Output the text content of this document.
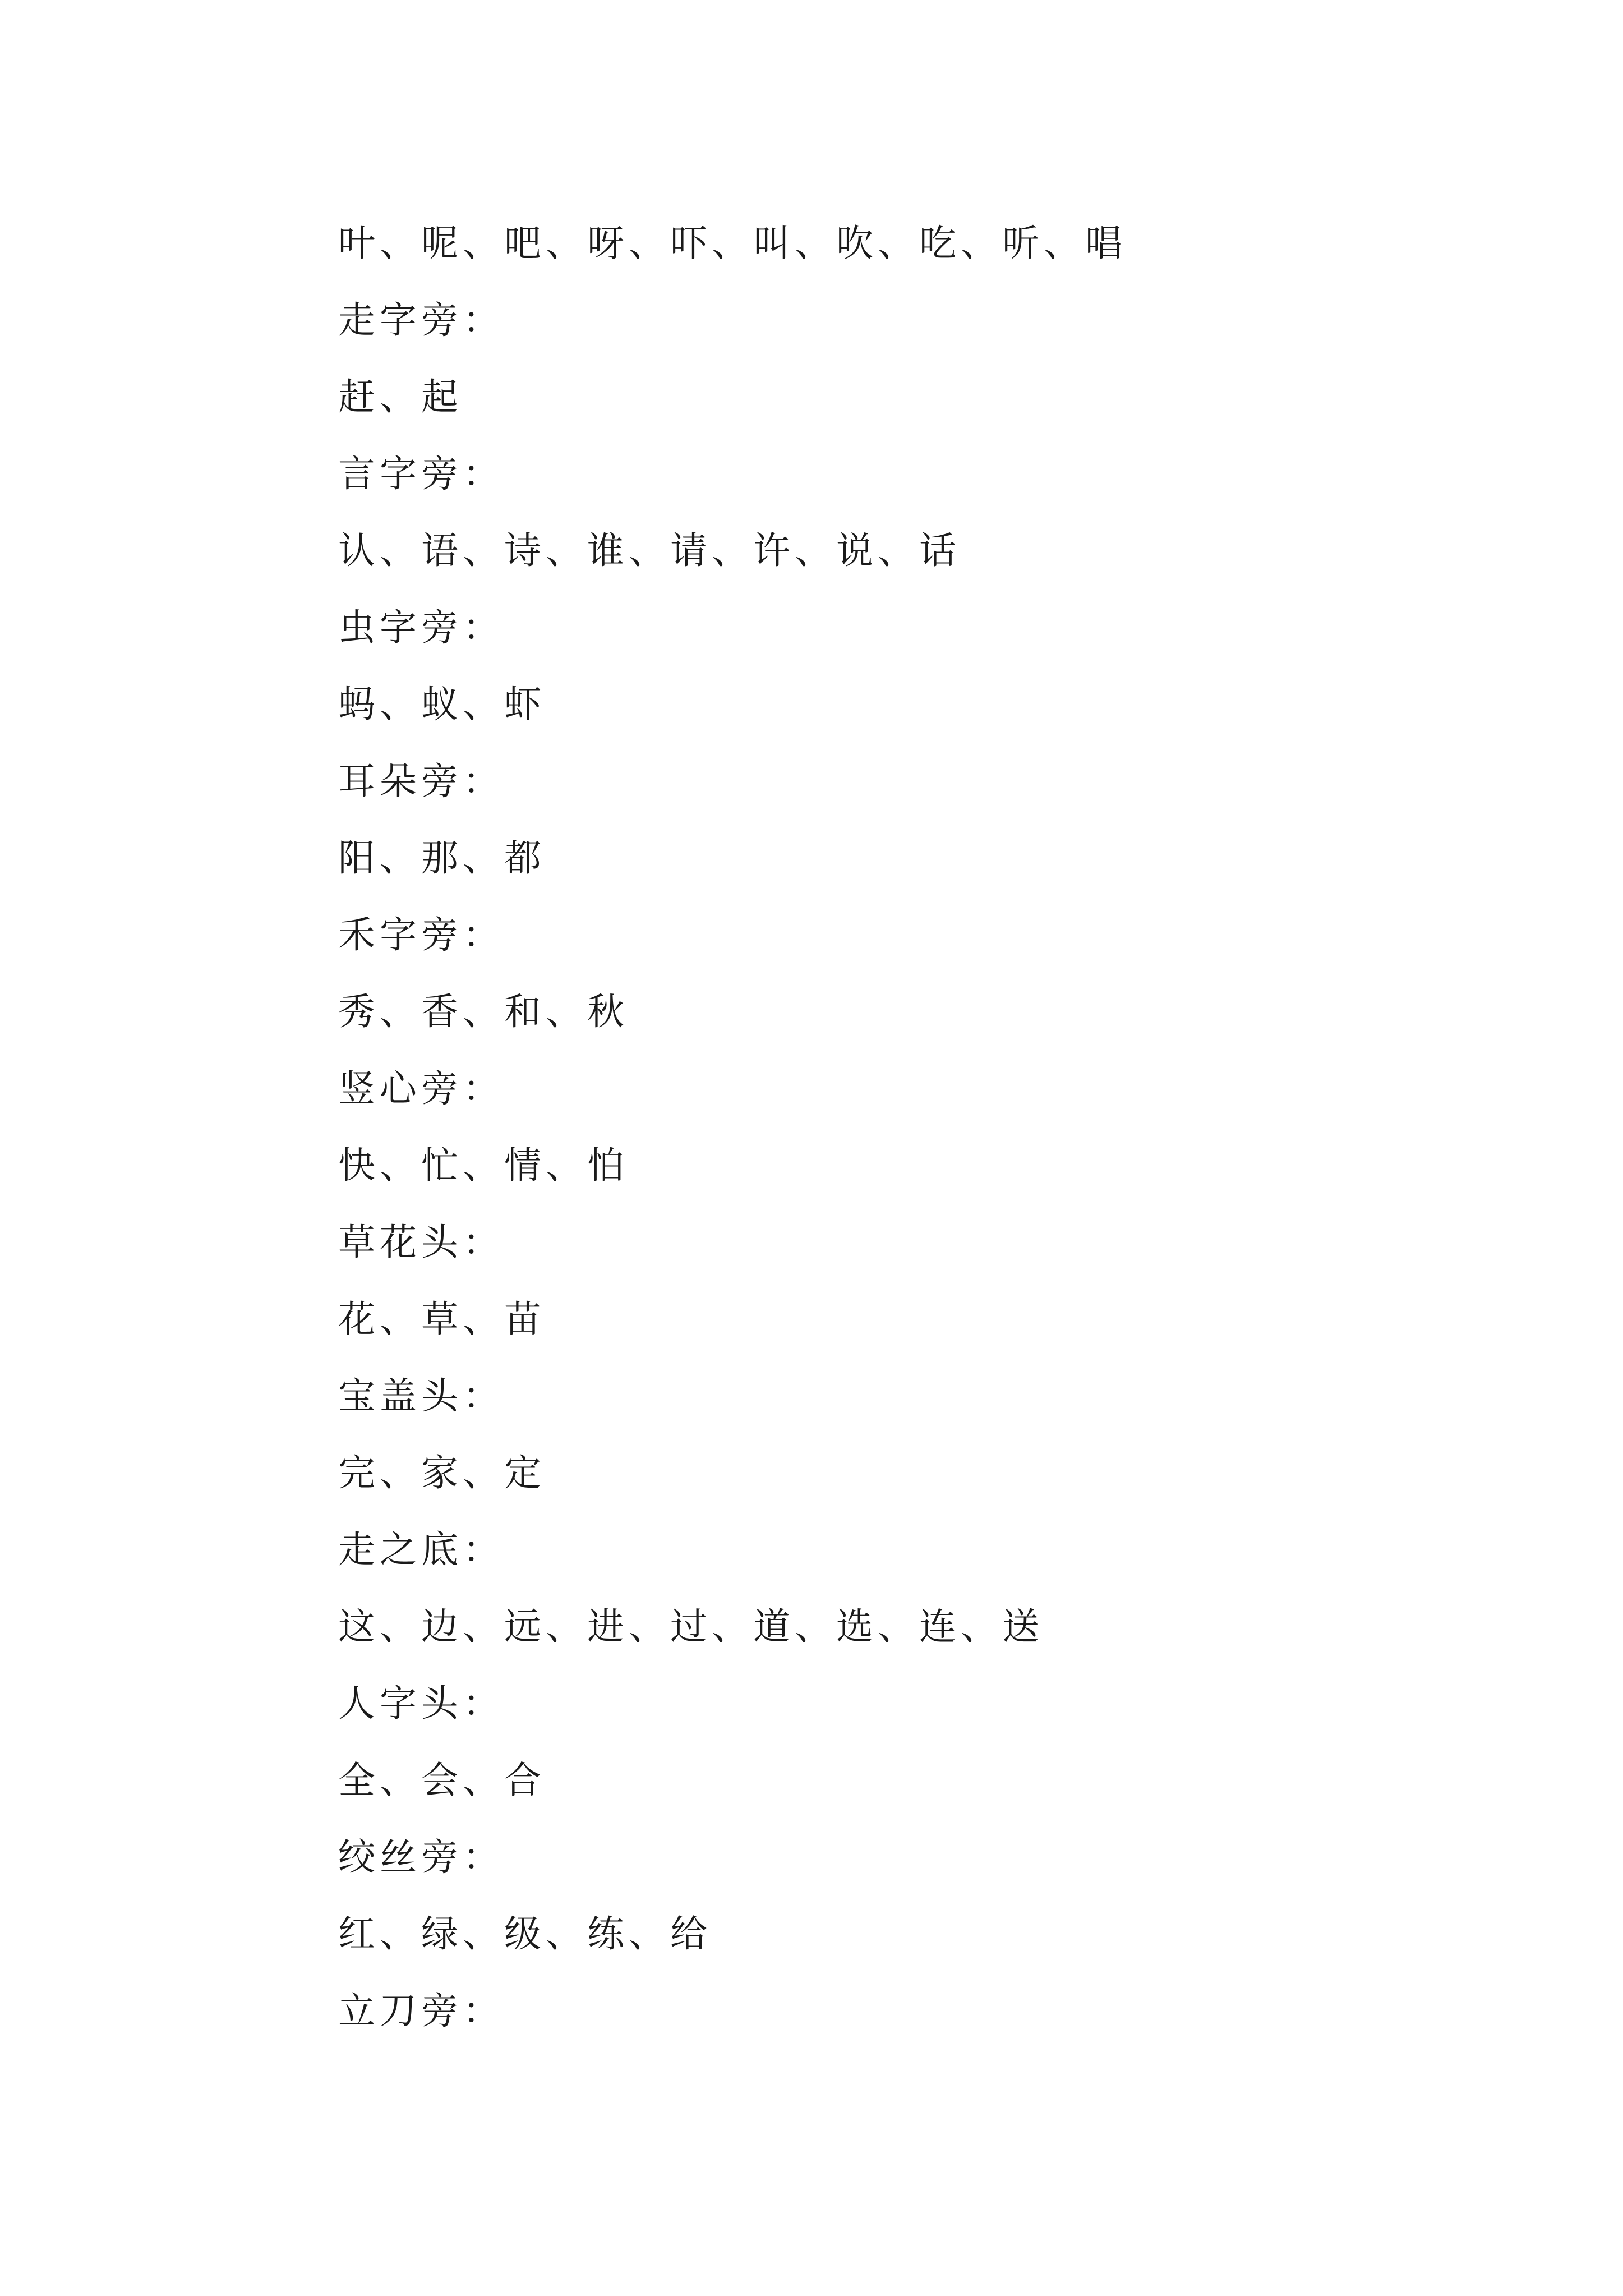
叶、呢、吧、呀、吓、叫、吹、吃、听、唱
走字旁：
赶、起
言字旁：
认、语、诗、谁、请、许、说、话
虫字旁：
蚂、蚁、虾
耳朵旁：
阳、那、都
禾字旁：
秀、香、和、秋
竖心旁：
快、忙、情、怕
草花头：
花、草、苗
宝盖头：
完、家、定
走之底：
这、边、远、进、过、道、选、连、送
人字头：
全、会、合
绞丝旁：
红、绿、级、练、给
立刀旁：
